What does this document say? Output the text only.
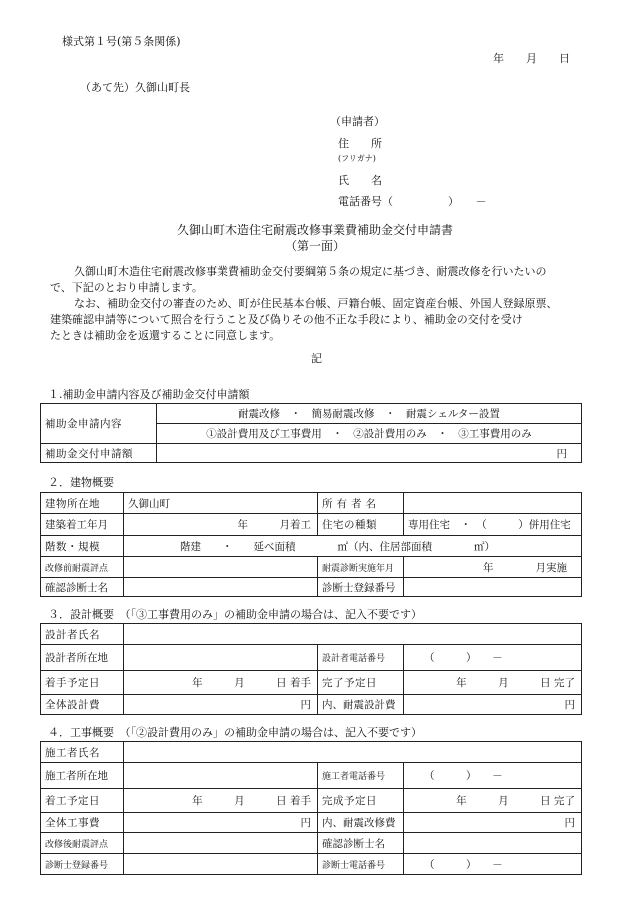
様式第１号(第５条関係)
年　　月　　日
（あて先）久御山町長
（申請者）
住　　所
(フリガナ)
氏　　名
電話番号（　　　　　）　　－
久御山町木造住宅耐震改修事業費補助金交付申請書
（第一面）

久御山町木造住宅耐震改修事業費補助金交付要綱第５条の規定に基づき、耐震改修を行いたいの

で、下記のとおり申請します。

なお、補助金交付の審査のため、町が住民基本台帳、戸籍台帳、固定資産台帳、外国人登録原票、

建築確認申請等について照合を行うこと及び偽りその他不正な手段により、補助金の交付を受け

たときは補助金を返還することに同意します。

記
１.補助金申請内容及び補助金交付申請額
補助金申請内容	耐震改修　・　簡易耐震改修　・　耐震シェルター設置
	①設計費用及び工事費用　・　②設計費用のみ　・　③工事費用のみ
補助金交付申請額	円
２．建物概要
建物所在地	久御山町	所有者名	
建築着工年月	年　　　月着工	住宅の種類	専用住宅　・　（　　　）併用住宅
階数・規模	階建　　・　　延べ面積　　　　㎡（内、住居部面積　　　　㎡）		
改修前耐震評点		耐震診断実施年月	年　　　　月実施
確認診断士名		診断士登録番号	
３．設計概要　（「③工事費用のみ」の補助金申請の場合は、記入不要です）
設計者氏名			
設計者所在地		設計者電話番号	（　　　）　　－
着手予定日	年　　　月　　　日 着手	完了予定日	年　　　月　　　日 完了
全体設計費	円	内、耐震設計費	円
４．工事概要　（「②設計費用のみ」の補助金申請の場合は、記入不要です）
施工者氏名			
施工者所在地		施工者電話番号	（　　　）　　－
着工予定日	年　　　月　　　日 着手	完成予定日	年　　　月　　　日 完了
全体工事費	円	内、耐震改修費	円
改修後耐震評点		確認診断士名	
診断士登録番号		診断士電話番号	（　　　）　　－
